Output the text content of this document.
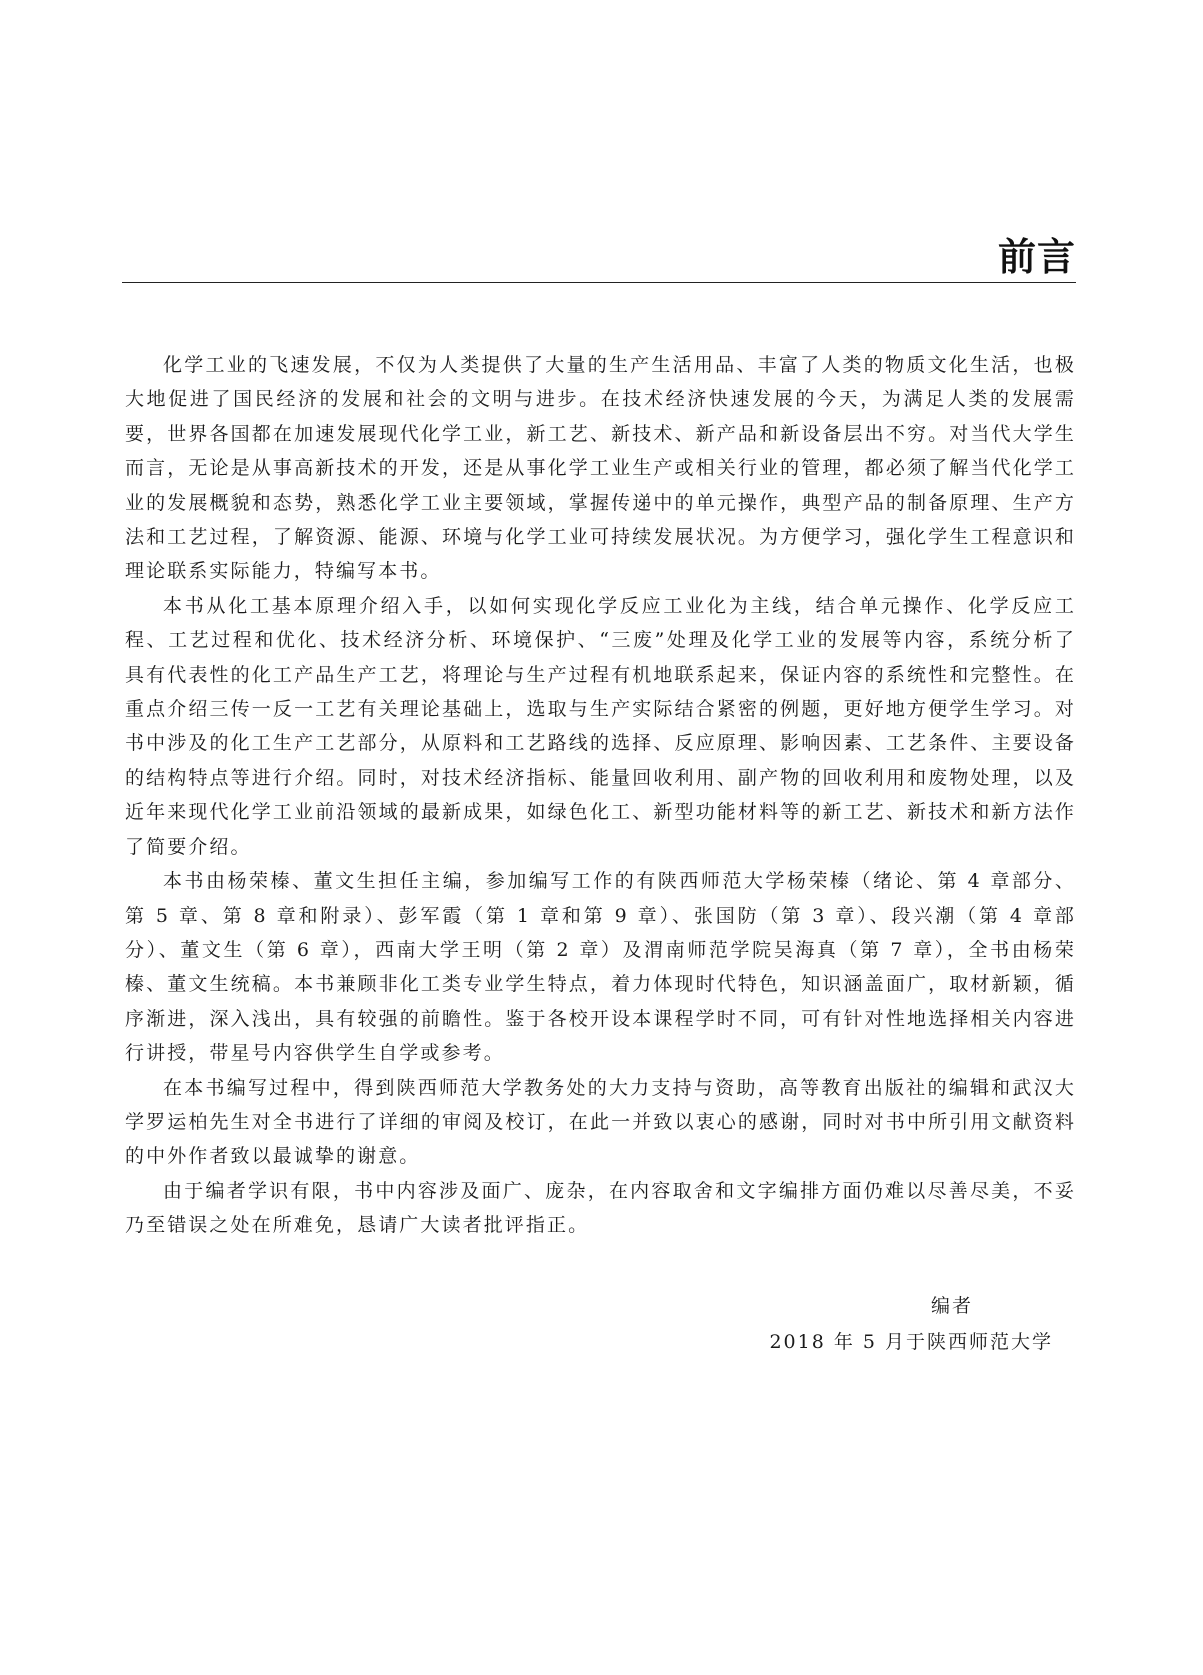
前言

化学工业的飞速发展，不仅为人类提供了大量的生产生活用品、丰富了人类的物质文化生活，也极大地促进了国民经济的发展和社会的文明与进步。在技术经济快速发展的今天，为满足人类的发展需要，世界各国都在加速发展现代化学工业，新工艺、新技术、新产品和新设备层出不穷。对当代大学生而言，无论是从事高新技术的开发，还是从事化学工业生产或相关行业的管理，都必须了解当代化学工业的发展概貌和态势，熟悉化学工业主要领域，掌握传递中的单元操作，典型产品的制备原理、生产方法和工艺过程，了解资源、能源、环境与化学工业可持续发展状况。为方便学习，强化学生工程意识和理论联系实际能力，特编写本书。

本书从化工基本原理介绍入手，以如何实现化学反应工业化为主线，结合单元操作、化学反应工程、工艺过程和优化、技术经济分析、环境保护、“三废”处理及化学工业的发展等内容，系统分析了具有代表性的化工产品生产工艺，将理论与生产过程有机地联系起来，保证内容的系统性和完整性。在重点介绍三传一反一工艺有关理论基础上，选取与生产实际结合紧密的例题，更好地方便学生学习。对书中涉及的化工生产工艺部分，从原料和工艺路线的选择、反应原理、影响因素、工艺条件、主要设备的结构特点等进行介绍。同时，对技术经济指标、能量回收利用、副产物的回收利用和废物处理，以及近年来现代化学工业前沿领域的最新成果，如绿色化工、新型功能材料等的新工艺、新技术和新方法作了简要介绍。

本书由杨荣榛、董文生担任主编，参加编写工作的有陕西师范大学杨荣榛（绪论、第 4 章部分、第 5 章、第 8 章和附录）、彭军霞（第 1 章和第 9 章）、张国防（第 3 章）、段兴潮（第 4 章部分）、董文生（第 6 章），西南大学王明（第 2 章）及渭南师范学院吴海真（第 7 章），全书由杨荣榛、董文生统稿。本书兼顾非化工类专业学生特点，着力体现时代特色，知识涵盖面广，取材新颖，循序渐进，深入浅出，具有较强的前瞻性。鉴于各校开设本课程学时不同，可有针对性地选择相关内容进行讲授，带星号内容供学生自学或参考。

在本书编写过程中，得到陕西师范大学教务处的大力支持与资助，高等教育出版社的编辑和武汉大学罗运柏先生对全书进行了详细的审阅及校订，在此一并致以衷心的感谢，同时对书中所引用文献资料的中外作者致以最诚挚的谢意。

由于编者学识有限，书中内容涉及面广、庞杂，在内容取舍和文字编排方面仍难以尽善尽美，不妥乃至错误之处在所难免，恳请广大读者批评指正。

编者

2018 年 5 月于陕西师范大学
